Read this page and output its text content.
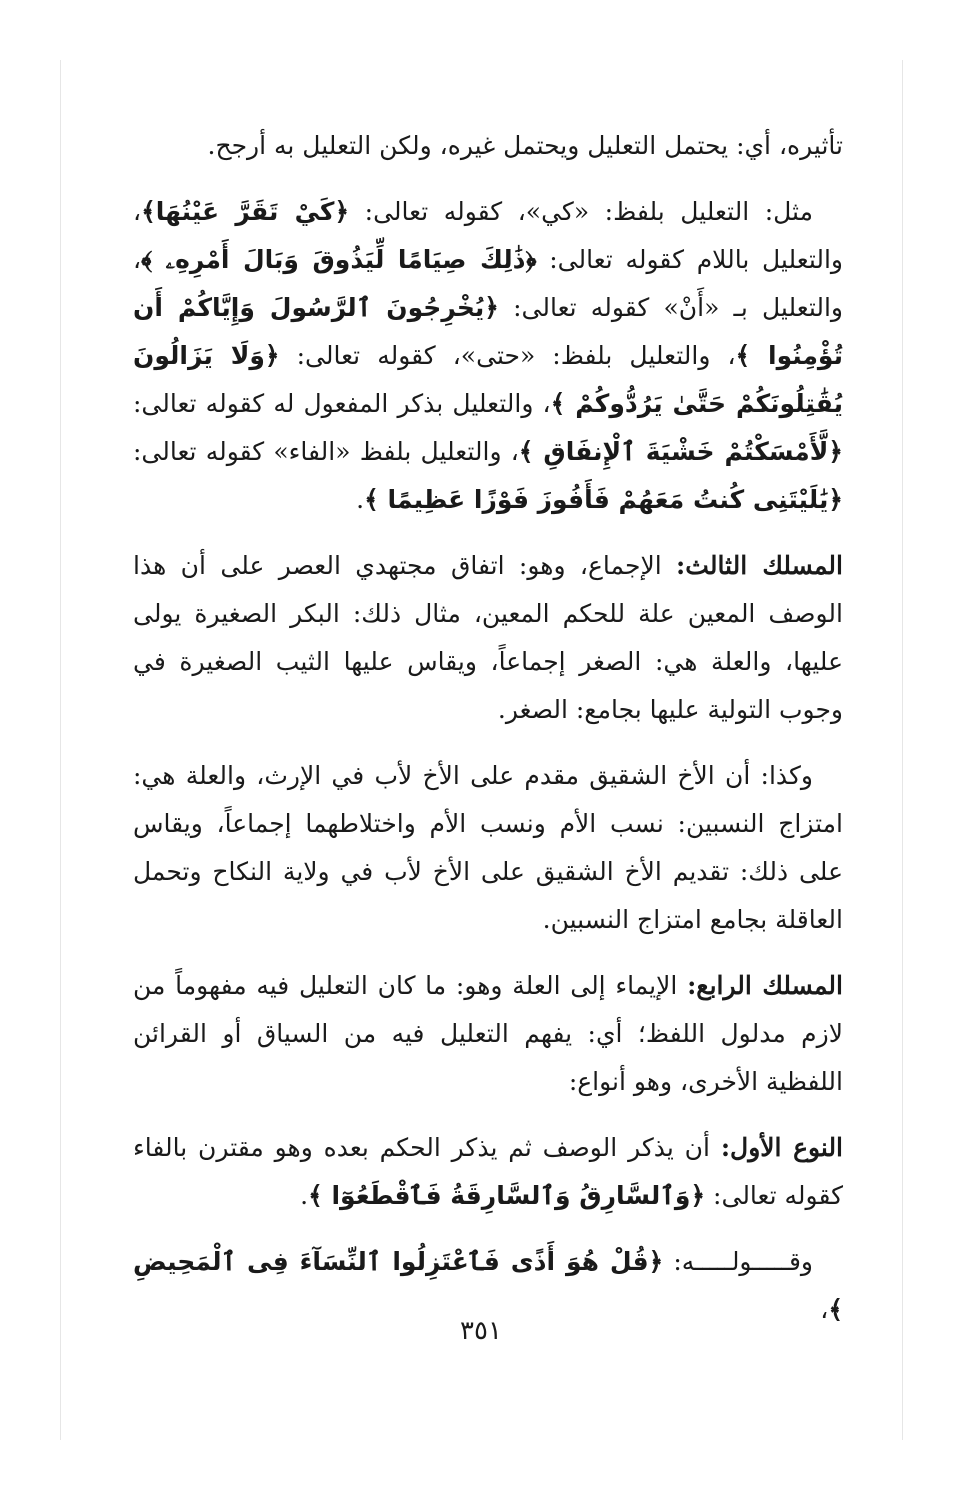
تأثيره، أي: يحتمل التعليل ويحتمل غيره، ولكن التعليل به أرجح.

مثل: التعليل بلفظ: «كي»، كقوله تعالى: ﴿كَيْ تَقَرَّ عَيْنُهَا﴾، والتعليل باللام كقوله تعالى: ﴿ذَٰلِكَ صِيَامًا لِّيَذُوقَ وَبَالَ أَمْرِهِۦ ﴾، والتعليل بـ «أَنْ» كقوله تعالى: ﴿يُخْرِجُونَ ٱلرَّسُولَ وَإِيَّاكُمْ أَن تُؤْمِنُوا ﴾، والتعليل بلفظ: «حتى»، كقوله تعالى: ﴿وَلَا يَزَالُونَ يُقَٰتِلُونَكُمْ حَتَّىٰ يَرُدُّوكُمْ ﴾، والتعليل بذكر المفعول له كقوله تعالى: ﴿لَّأَمْسَكْتُمْ خَشْيَةَ ٱلْإِنفَاقِ ﴾، والتعليل بلفظ «الفاء» كقوله تعالى: ﴿يَٰلَيْتَنِى كُنتُ مَعَهُمْ فَأَفُوزَ فَوْزًا عَظِيمًا ﴾.

المسلك الثالث: الإجماع، وهو: اتفاق مجتهدي العصر على أن هذا الوصف المعين علة للحكم المعين، مثال ذلك: البكر الصغيرة يولى عليها، والعلة هي: الصغر إجماعاً، ويقاس عليها الثيب الصغيرة في وجوب التولية عليها بجامع: الصغر.

وكذا: أن الأخ الشقيق مقدم على الأخ لأب في الإرث، والعلة هي: امتزاج النسبين: نسب الأم ونسب الأم واختلاطهما إجماعاً، ويقاس على ذلك: تقديم الأخ الشقيق على الأخ لأب في ولاية النكاح وتحمل العاقلة بجامع امتزاج النسبين.

المسلك الرابع: الإيماء إلى العلة وهو: ما كان التعليل فيه مفهوماً من لازم مدلول اللفظ؛ أي: يفهم التعليل فيه من السياق أو القرائن اللفظية الأخرى، وهو أنواع:

النوع الأول: أن يذكر الوصف ثم يذكر الحكم بعده وهو مقترن بالفاء كقوله تعالى: ﴿وَٱلسَّارِقُ وَٱلسَّارِقَةُ فَٱقْطَعُوٓا ﴾.

وقـــــولـــــه: ﴿قُلْ هُوَ أَذًى فَٱعْتَزِلُوا ٱلنِّسَآءَ فِى ٱلْمَحِيضِ ﴾،

٣٥١
